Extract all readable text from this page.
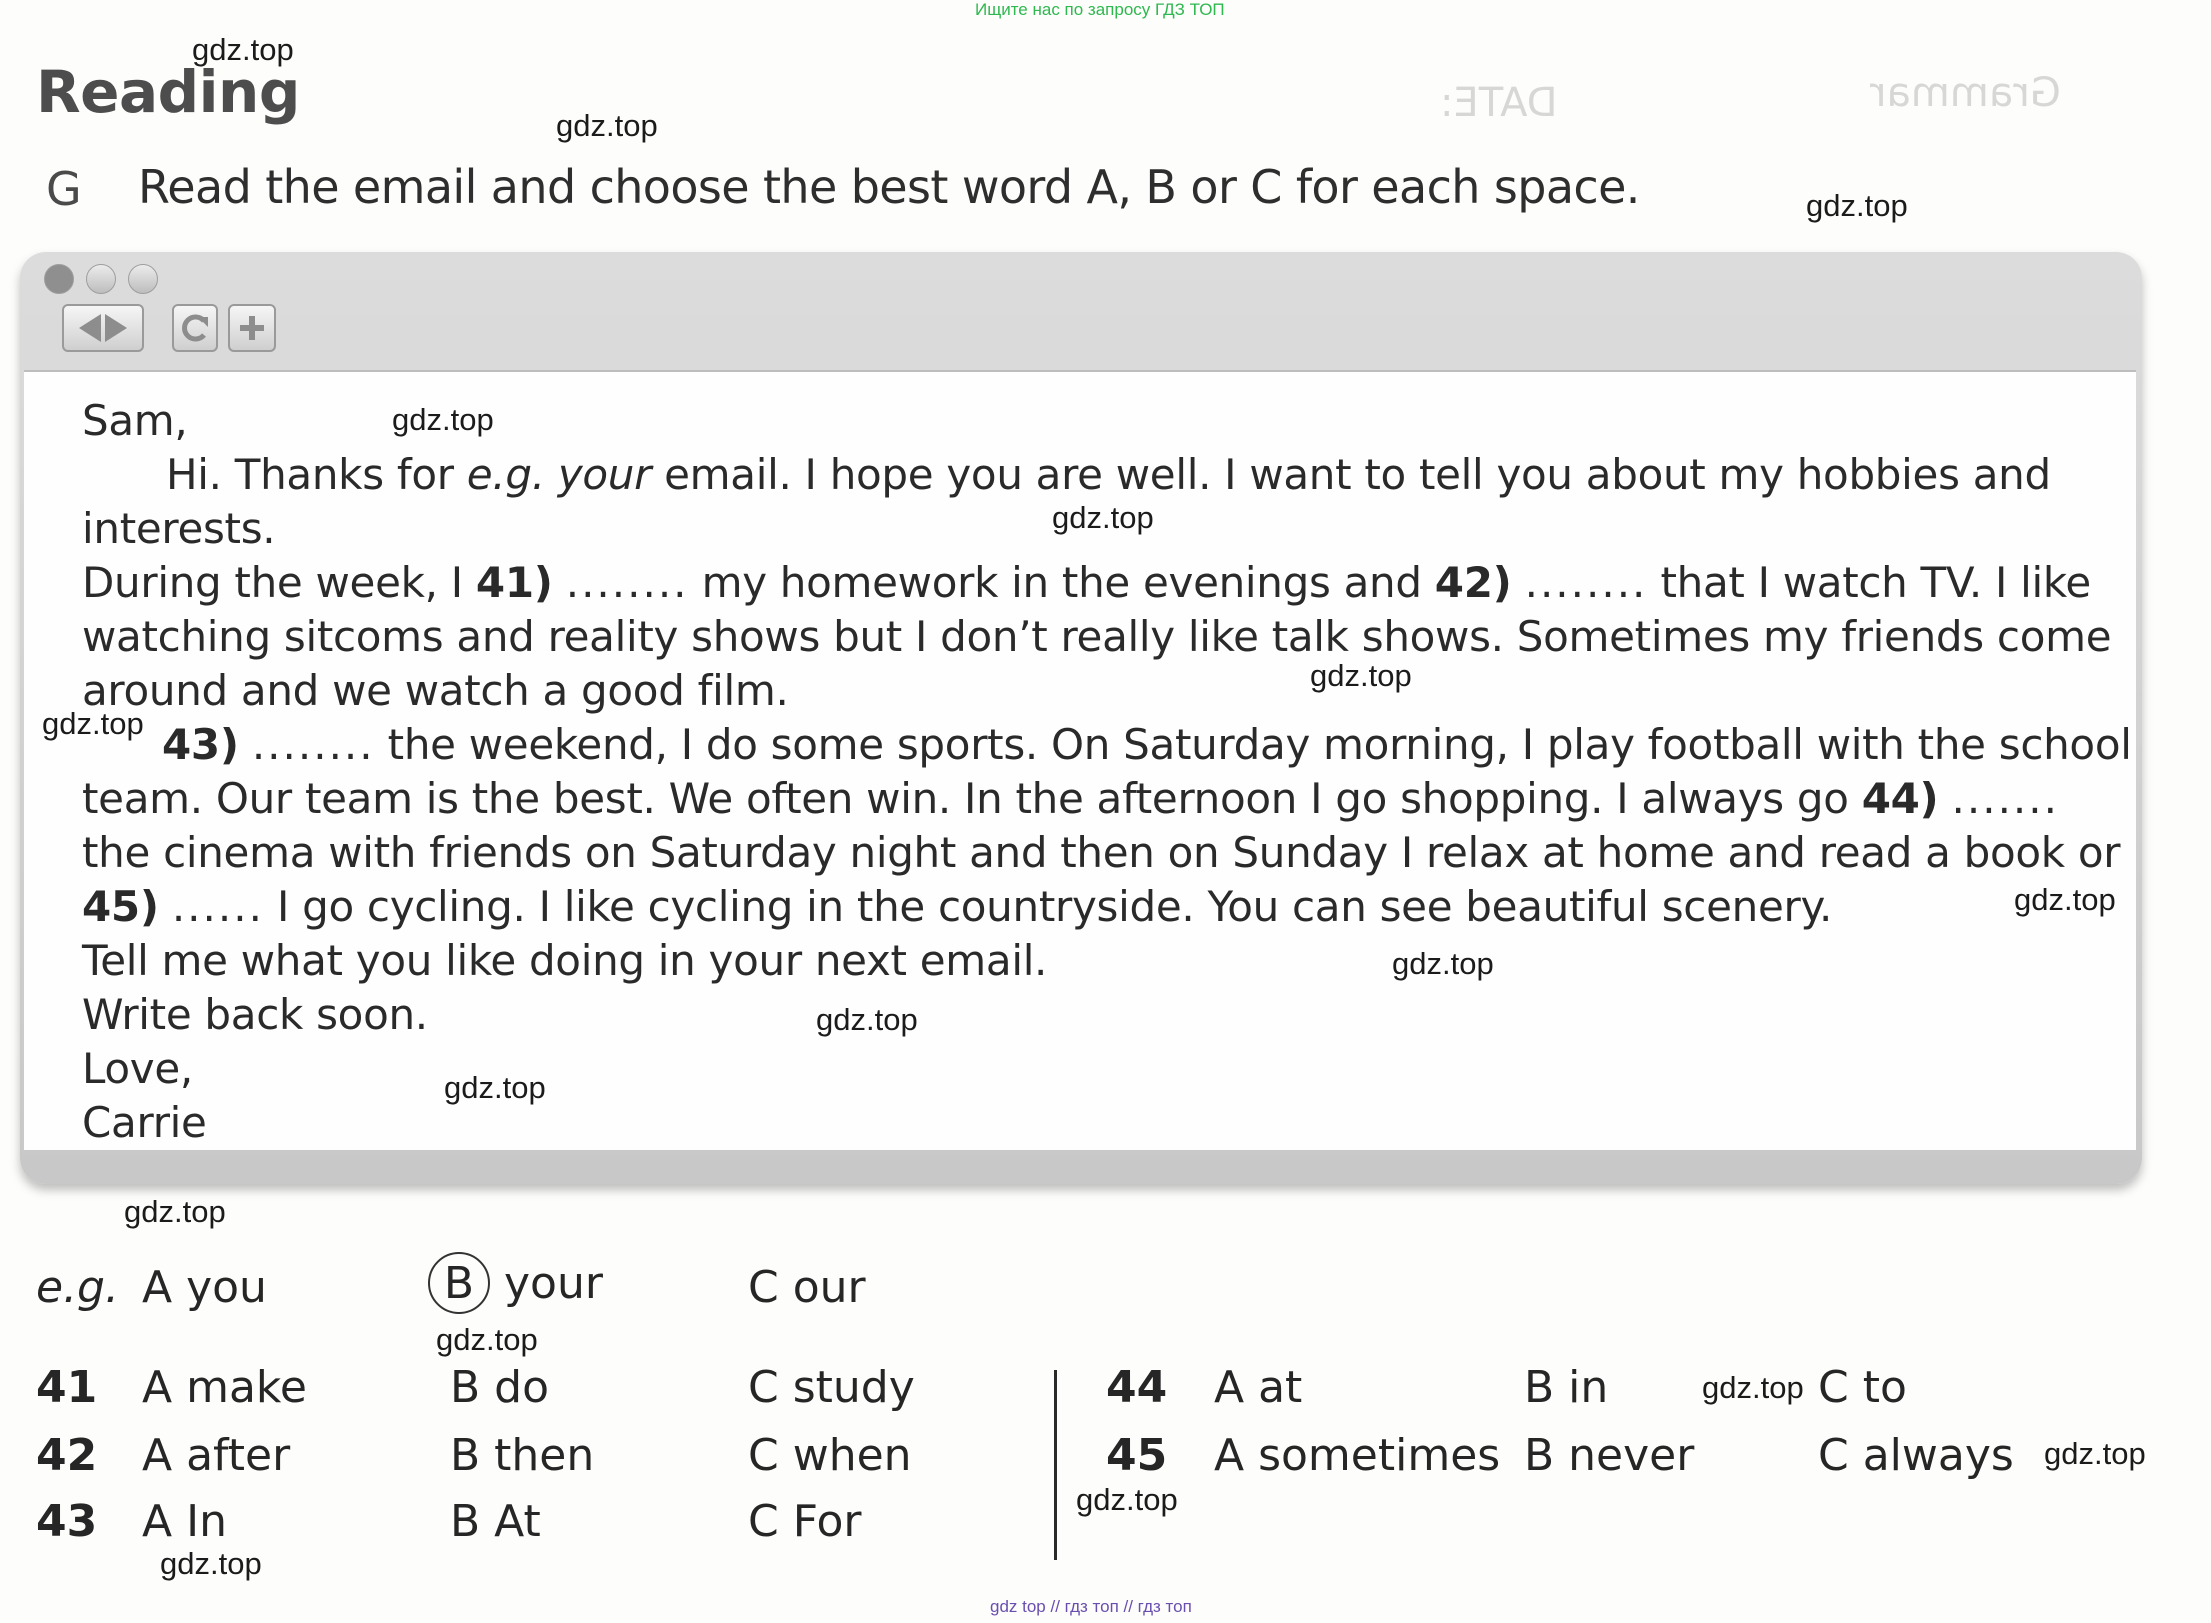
Grammar
DATE:
Ищите нас по запросу ГДЗ ТОП
Reading
G Read the email and choose the best word A, B or C for each space.
Sam,
Hi. Thanks for e.g. your email. I hope you are well. I want to tell you about my hobbies and
interests.
During the week, I 41) ........ my homework in the evenings and 42) ........ that I watch TV. I like
watching sitcoms and reality shows but I don’t really like talk shows. Sometimes my friends come
around and we watch a good film.
43) ........ the weekend, I do some sports. On Saturday morning, I play football with the school
team. Our team is the best. We often win. In the afternoon I go shopping. I always go 44) .......
the cinema with friends on Saturday night and then on Sunday I relax at home and read a book or
45) ...... I go cycling. I like cycling in the countryside. You can see beautiful scenery.
Tell me what you like doing in your next email.
Write back soon.
Love,
Carrie
e.g. A you	B your	C our
41 A make	B do	C study
42 A after	B then	C when
43 A In	B At	C For
44 A at	B in	C to
45 A sometimes B never	C always
gdz.top
gdz.top
gdz.top
gdz.top
gdz.top
gdz.top
gdz.top
gdz.top
gdz.top
gdz.top
gdz.top
gdz.top
gdz.top
gdz.top
gdz.top
gdz.top
gdz.top
gdz top // гдз топ // гдз топ
